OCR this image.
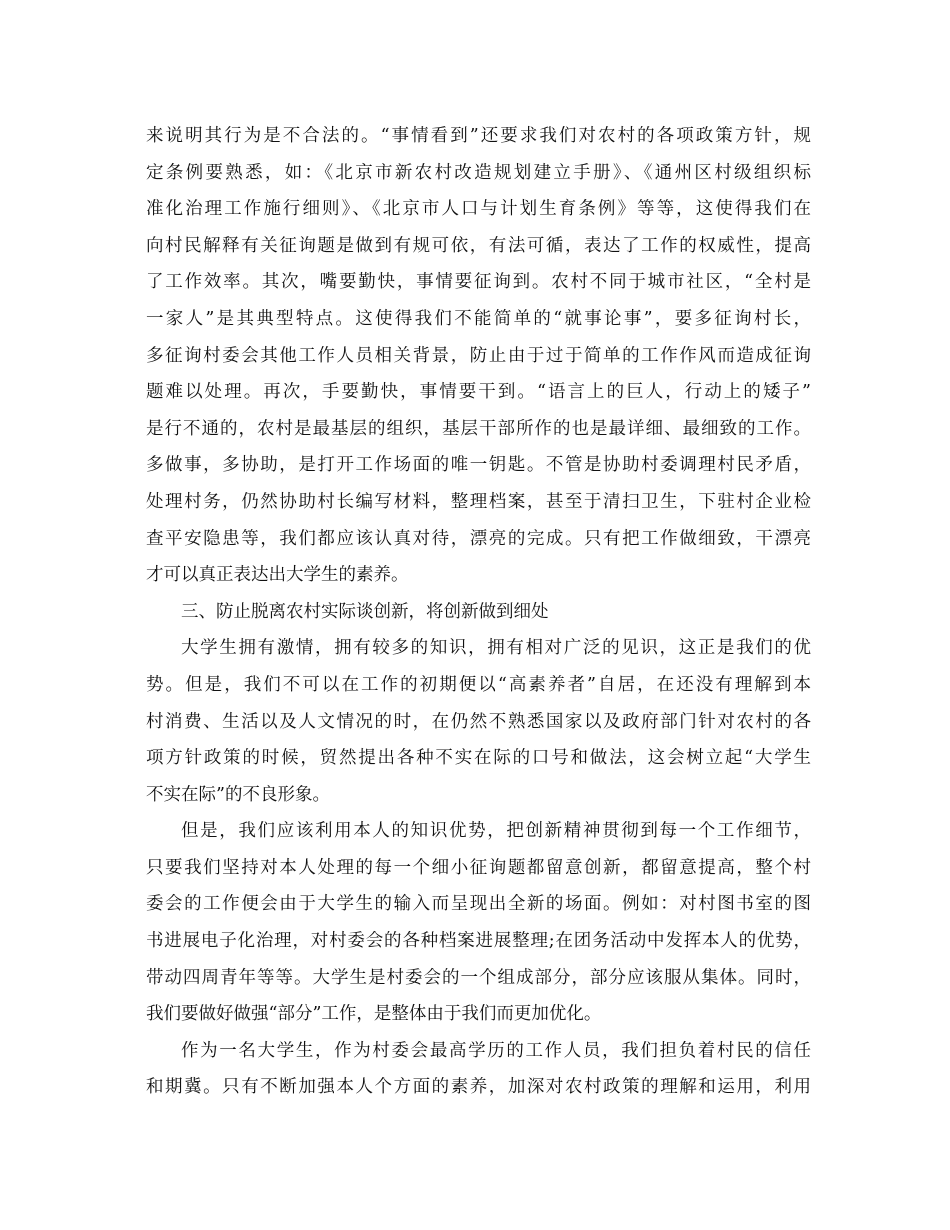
来说明其行为是不合法的。“事情看到”还要求我们对农村的各项政策方针，规
定条例要熟悉，如：《北京市新农村改造规划建立手册》、《通州区村级组织标
准化治理工作施行细则》、《北京市人口与计划生育条例》等等，这使得我们在
向村民解释有关征询题是做到有规可依，有法可循，表达了工作的权威性，提高
了工作效率。其次，嘴要勤快，事情要征询到。农村不同于城市社区，“全村是
一家人”是其典型特点。这使得我们不能简单的“就事论事”，要多征询村长，
多征询村委会其他工作人员相关背景，防止由于过于简单的工作作风而造成征询
题难以处理。再次，手要勤快，事情要干到。“语言上的巨人，行动上的矮子”
是行不通的，农村是最基层的组织，基层干部所作的也是最详细、最细致的工作。
多做事，多协助，是打开工作场面的唯一钥匙。不管是协助村委调理村民矛盾，
处理村务，仍然协助村长编写材料，整理档案，甚至于清扫卫生，下驻村企业检
查平安隐患等，我们都应该认真对待，漂亮的完成。只有把工作做细致，干漂亮
才可以真正表达出大学生的素养。
三、防止脱离农村实际谈创新，将创新做到细处
大学生拥有激情，拥有较多的知识，拥有相对广泛的见识，这正是我们的优
势。但是，我们不可以在工作的初期便以“高素养者”自居，在还没有理解到本
村消费、生活以及人文情况的时，在仍然不熟悉国家以及政府部门针对农村的各
项方针政策的时候，贸然提出各种不实在际的口号和做法，这会树立起“大学生
不实在际”的不良形象。
但是，我们应该利用本人的知识优势，把创新精神贯彻到每一个工作细节，
只要我们坚持对本人处理的每一个细小征询题都留意创新，都留意提高，整个村
委会的工作便会由于大学生的输入而呈现出全新的场面。例如：对村图书室的图
书进展电子化治理，对村委会的各种档案进展整理;在团务活动中发挥本人的优势，
带动四周青年等等。大学生是村委会的一个组成部分，部分应该服从集体。同时，
我们要做好做强“部分”工作，是整体由于我们而更加优化。
作为一名大学生，作为村委会最高学历的工作人员，我们担负着村民的信任
和期冀。只有不断加强本人个方面的素养，加深对农村政策的理解和运用，利用
